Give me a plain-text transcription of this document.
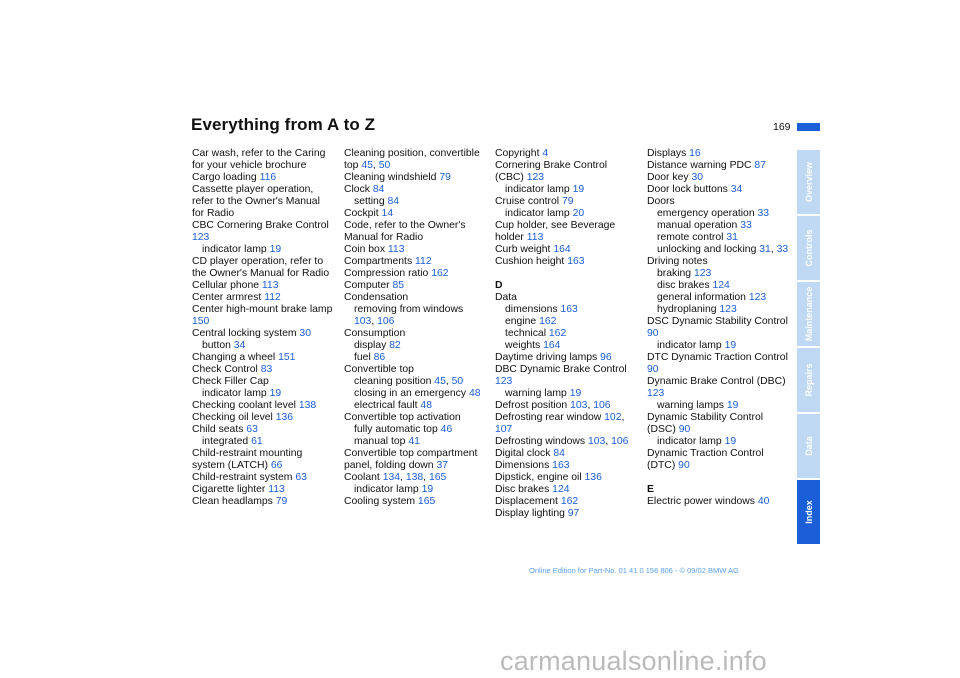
Everything from A to Z	169
Car wash, refer to the Caring for your vehicle brochure
Cargo loading 116
Cassette player operation, refer to the Owner's Manual for Radio
CBC Cornering Brake Control 123
indicator lamp 19
CD player operation, refer to the Owner's Manual for Radio
Cellular phone 113
Center armrest 112
Center high-mount brake lamp 150
Central locking system 30
button 34
Changing a wheel 151
Check Control 83
Check Filler Cap
indicator lamp 19
Checking coolant level 138
Checking oil level 136
Child seats 63
integrated 61
Child-restraint mounting system (LATCH) 66
Child-restraint system 63
Cigarette lighter 113
Clean headlamps 79
Cleaning position, convertible top 45, 50
Cleaning windshield 79
Clock 84
setting 84
Cockpit 14
Code, refer to the Owner's Manual for Radio
Coin box 113
Compartments 112
Compression ratio 162
Computer 85
Condensation
removing from windows 103, 106
Consumption
display 82
fuel 86
Convertible top
cleaning position 45, 50
closing in an emergency 48
electrical fault 48
Convertible top activation
fully automatic top 46
manual top 41
Convertible top compartment panel, folding down 37
Coolant 134, 138, 165
indicator lamp 19
Cooling system 165
Copyright 4
Cornering Brake Control (CBC) 123
indicator lamp 19
Cruise control 79
indicator lamp 20
Cup holder, see Beverage holder 113
Curb weight 164
Cushion height 163
D
Data
dimensions 163
engine 162
technical 162
weights 164
Daytime driving lamps 96
DBC Dynamic Brake Control 123
warning lamp 19
Defrost position 103, 106
Defrosting rear window 102, 107
Defrosting windows 103, 106
Digital clock 84
Dimensions 163
Dipstick, engine oil 136
Disc brakes 124
Displacement 162
Display lighting 97
Displays 16
Distance warning PDC 87
Door key 30
Door lock buttons 34
Doors
emergency operation 33
manual operation 33
remote control 31
unlocking and locking 31, 33
Driving notes
braking 123
disc brakes 124
general information 123
hydroplaning 123
DSC Dynamic Stability Control 90
indicator lamp 19
DTC Dynamic Traction Control 90
Dynamic Brake Control (DBC) 123
warning lamps 19
Dynamic Stability Control (DSC) 90
indicator lamp 19
Dynamic Traction Control (DTC) 90
E
Electric power windows 40
Overview
Controls
Maintenance
Repairs
Data
Index
Online Edition for Part-No. 01 41 0 156 806 - © 09/02 BMW AG
carmanualsonline.info
